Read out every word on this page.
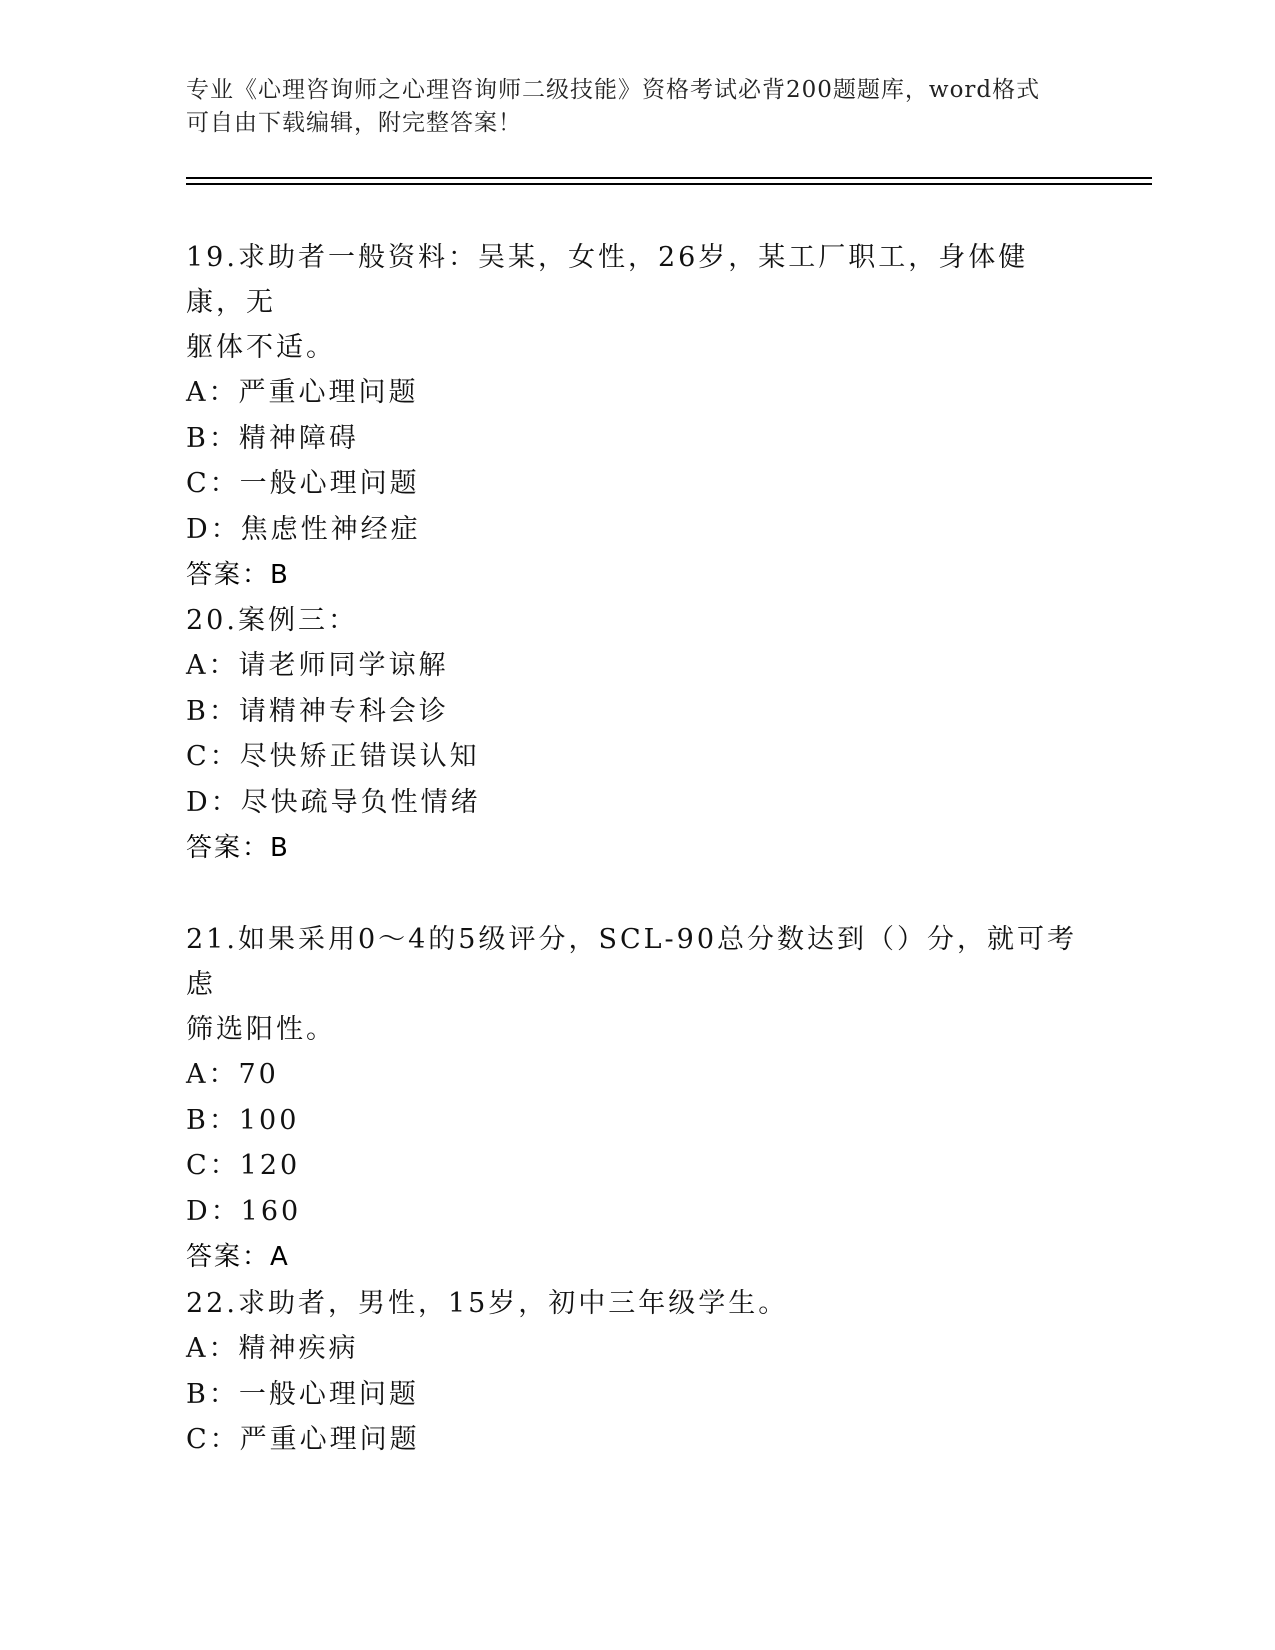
专业《心理咨询师之心理咨询师二级技能》资格考试必背200题题库，word格式
可自由下载编辑，附完整答案！
19.求助者一般资料：吴某，女性，26岁，某工厂职工，身体健康，无
躯体不适。
A：严重心理问题
B：精神障碍
C：一般心理问题
D：焦虑性神经症
答案：B
20.案例三：
A：请老师同学谅解
B：请精神专科会诊
C：尽快矫正错误认知
D：尽快疏导负性情绪
答案：B
21.如果采用0～4的5级评分，SCL-90总分数达到（）分，就可考虑
筛选阳性。
A：70
B：100
C：120
D：160
答案：A
22.求助者，男性，15岁，初中三年级学生。
A：精神疾病
B：一般心理问题
C：严重心理问题
